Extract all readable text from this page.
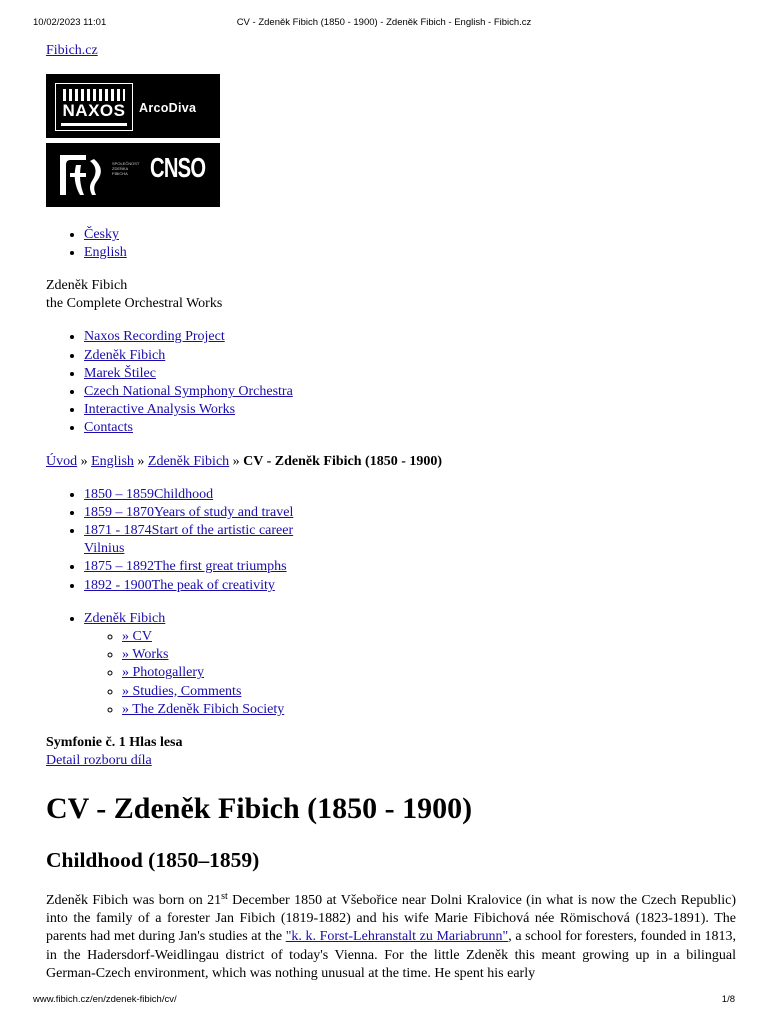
10/02/2023 11:01	CV - Zdeněk Fibich (1850 - 1900) - Zdeněk Fibich - English - Fibich.cz
Fibich.cz
NAXOS	ArcoDiva
SPOLEČNOST ZDEŇKA FIBICHA CNSO
• Česky
• English
Zdeněk Fibich
the Complete Orchestral Works
• Naxos Recording Project
• Zdeněk Fibich
• Marek Štilec
• Czech National Symphony Orchestra
• Interactive Analysis Works
• Contacts
Úvod » English » Zdeněk Fibich » CV - Zdeněk Fibich (1850 - 1900)
• 1850 – 1859Childhood
• 1859 – 1870Years of study and travel
• 1871 - 1874Start of the artistic career Vilnius
• 1875 – 1892The first great triumphs
• 1892 - 1900The peak of creativity
• Zdeněk Fibich
◦ » CV
◦ » Works
◦ » Photogallery
◦ » Studies, Comments
◦ » The Zdeněk Fibich Society
Symfonie č. 1 Hlas lesa
Detail rozboru díla
CV - Zdeněk Fibich (1850 - 1900)
Childhood (1850–1859)
Zdeněk Fibich was born on 21st December 1850 at Všebořice near Dolni Kralovice (in what is now the Czech Republic) into the family of a forester Jan Fibich (1819-1882) and his wife Marie Fibichová née Römischová (1823-1891). The parents had met during Jan's studies at the "k. k. Forst-Lehranstalt zu Mariabrunn", a school for foresters, founded in 1813, in the Hadersdorf-Weidlingau district of today's Vienna. For the little Zdeněk this meant growing up in a bilingual German-Czech environment, which was nothing unusual at the time. He spent his early
www.fibich.cz/en/zdenek-fibich/cv/	1/8
